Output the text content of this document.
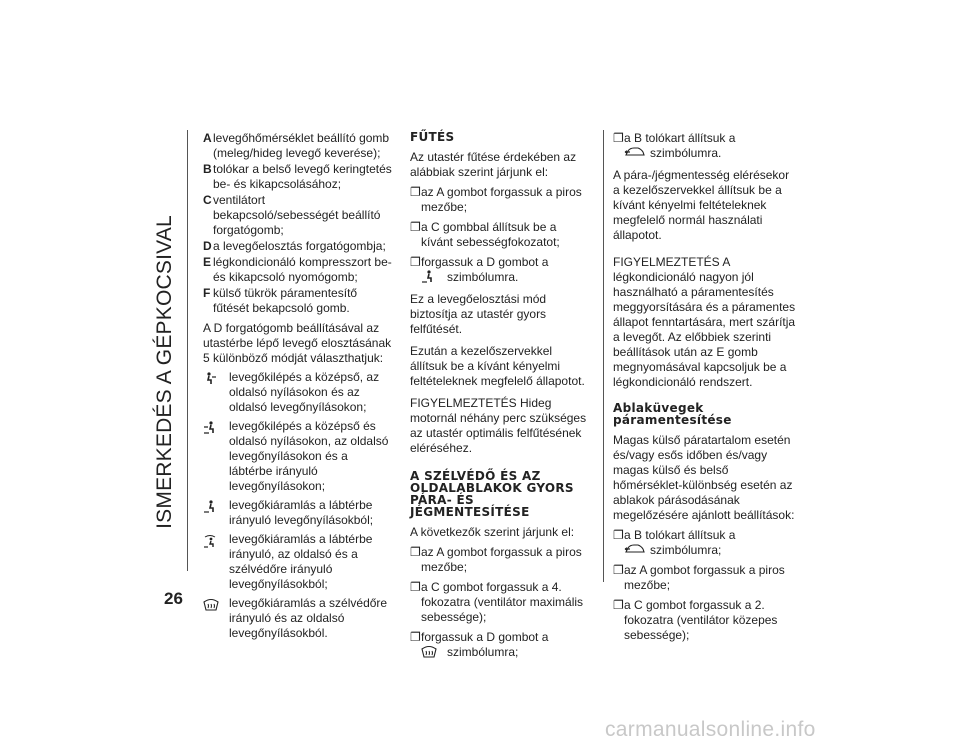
ISMERKEDÉS A GÉPKOCSIVAL
A levegőhőmérséklet beállító gomb (meleg/hideg levegő keverése);
B tolókar a belső levegő keringtetés be- és kikapcsolásához;
C ventilátort bekapcsoló/sebességét beállító forgatógomb;
D a levegőelosztás forgatógombja;
E légkondicionáló kompresszort be- és kikapcsoló nyomógomb;
F külső tükrök páramentesítő fűtését bekapcsoló gomb.

A D forgatógomb beállításával az utastérbe lépő levegő elosztásának 5 különböző módját választhatjuk:

levegőkilépés a középső, az oldalsó nyílásokon és az oldalsó levegőnyílásokon;
levegőkilépés a középső és oldalsó nyílásokon, az oldalsó levegőnyílásokon és a lábtérbe irányuló levegőnyílásokon;
levegőkiáramlás a lábtérbe irányuló levegőnyílásokból;
levegőkiáramlás a lábtérbe irányuló, az oldalsó és a szélvédőre irányuló levegőnyílásokból;
levegőkiáramlás a szélvédőre irányuló és az oldalsó levegőnyílásokból.
FŰTÉS

Az utastér fűtése érdekében az alábbiak szerint járjunk el:

❐ az A gombot forgassuk a piros mezőbe;
❐ a C gombbal állítsuk be a kívánt sebességfokozatot;
❐ forgassuk a D gombot a
szimbólumra.

Ez a levegőelosztási mód biztosítja az utastér gyors felfűtését.

Ezután a kezelőszervekkel állítsuk be a kívánt kényelmi feltételeknek megfelelő állapotot.

FIGYELMEZTETÉS Hideg motornál néhány perc szükséges az utastér optimális felfűtésének eléréséhez.

A SZÉLVÉDŐ ÉS AZ OLDALABLAKOK GYORS PÁRA- ÉS JÉGMENTESÍTÉSE

A következők szerint járjunk el:

❐ az A gombot forgassuk a piros mezőbe;
❐ a C gombot forgassuk a 4. fokozatra (ventilátor maximális sebessége);
❐ forgassuk a D gombot a
szimbólumra;
❐ a B tolókart állítsuk a
szimbólumra.

A pára-/jégmentesség elérésekor a kezelőszervekkel állítsuk be a kívánt kényelmi feltételeknek megfelelő normál használati állapotot.

FIGYELMEZTETÉS A légkondicionáló nagyon jól használható a páramentesítés meggyorsítására és a páramentes állapot fenntartására, mert szárítja a levegőt. Az előbbiek szerinti beállítások után az E gomb megnyomásával kapcsoljuk be a légkondicionáló rendszert.

Ablaküvegek páramentesítése

Magas külső páratartalom esetén és/vagy esős időben és/vagy magas külső és belső hőmérséklet-különbség esetén az ablakok párásodásának megelőzésére ajánlott beállítások:

❐ a B tolókart állítsuk a
szimbólumra;
❐ az A gombot forgassuk a piros mezőbe;
❐ a C gombot forgassuk a 2. fokozatra (ventilátor közepes sebessége);
26
carmanualsonline.info
